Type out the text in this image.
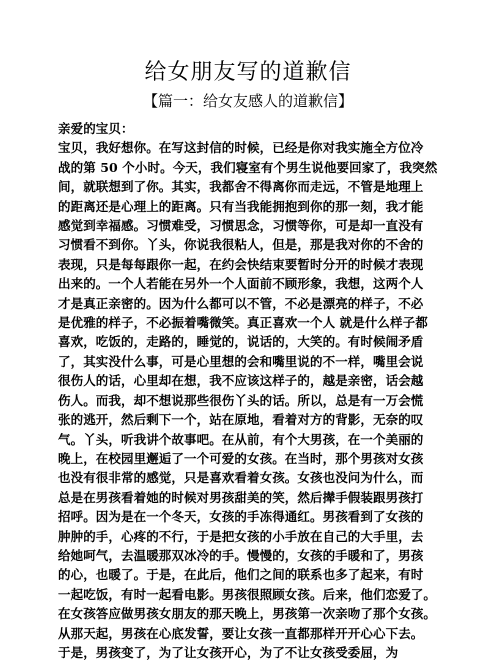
给女朋友写的道歉信
【篇一：给女友感人的道歉信】
亲爱的宝贝：
宝贝，我好想你。在写这封信的时候，已经是你对我实施全方位冷
战的第 50 个小时。今天，我们寝室有个男生说他要回家了，我突然
间，就联想到了你。其实，我都舍不得离你而走远，不管是地理上
的距离还是心理上的距离。只有当我能拥抱到你的那一刻，我才能
感觉到幸福感。习惯难受，习惯思念，习惯等你，可是却一直没有
习惯看不到你。丫头，你说我很粘人，但是，那是我对你的不舍的
表现，只是每每跟你一起，在约会快结束要暂时分开的时候才表现
出来的。一个人若能在另外一个人面前不顾形象，我想，这两个人
才是真正亲密的。因为什么都可以不管，不必是漂亮的样子，不必
是优雅的样子，不必振着嘴微笑。真正喜欢一个人 就是什么样子都
喜欢，吃饭的，走路的，睡觉的，说话的，大笑的。有时候闹矛盾
了，其实没什么事，可是心里想的会和嘴里说的不一样，嘴里会说
很伤人的话，心里却在想，我不应该这样子的，越是亲密，话会越
伤人。而我，却不想说那些很伤丫头的话。所以，总是有一万会慌
张的逃开，然后剩下一个，站在原地，看着对方的背影，无奈的叹
气。丫头，听我讲个故事吧。在从前，有个大男孩，在一个美丽的
晚上，在校园里邂逅了一个可爱的女孩。在当时，那个男孩对女孩
也没有很非常的感觉，只是喜欢看着女孩。女孩也没问为什么，而
总是在男孩看着她的时候对男孩甜美的笑，然后撵手假装跟男孩打
招呼。因为是在一个冬天，女孩的手冻得通红。男孩看到了女孩的
肿肿的手，心疼的不行，于是把女孩的小手放在自己的大手里，去
给她呵气，去温暖那双冰冷的手。慢慢的，女孩的手暖和了，男孩
的心，也暖了。于是，在此后，他们之间的联系也多了起来，有时
一起吃饭，有时一起看电影。男孩很照顾女孩。后来，他们恋爱了。
在女孩答应做男孩女朋友的那天晚上，男孩第一次亲吻了那个女孩。
从那天起，男孩在心底发誓，要让女孩一直都那样开开心心下去。
于是，男孩变了，为了让女孩开心，为了不让女孩受委屈，为
